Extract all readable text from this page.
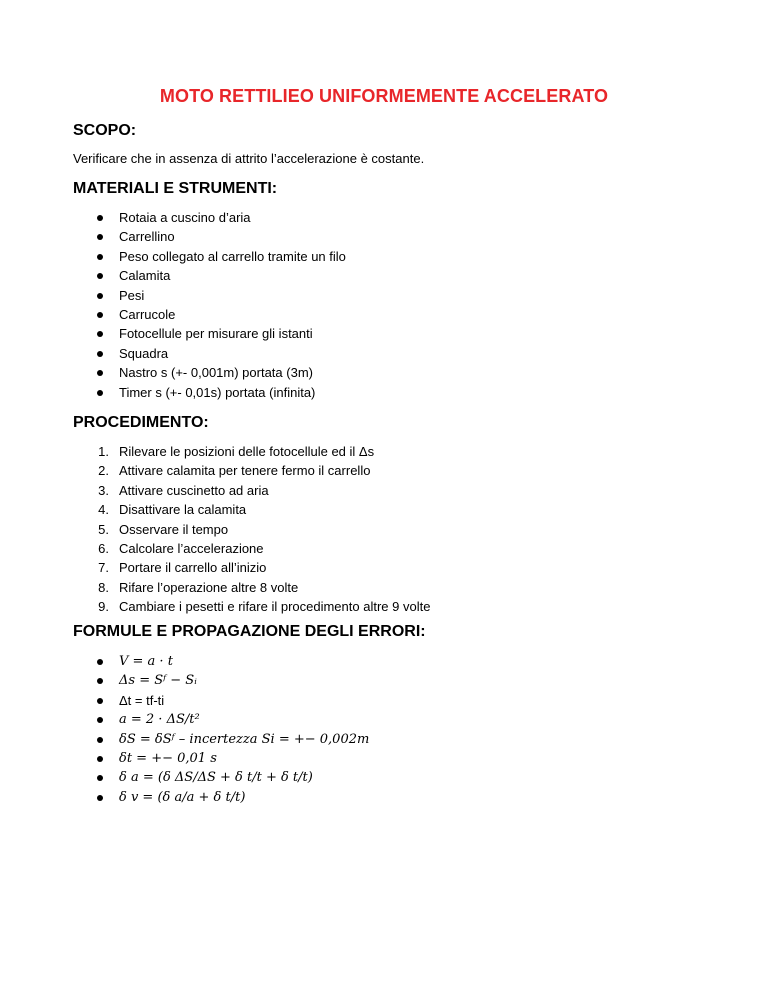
MOTO RETTILIEO UNIFORMEMENTE ACCELERATO
SCOPO:

Verificare che in assenza di attrito l’accelerazione è costante.

MATERIALI E STRUMENTI:
Rotaia a cuscino d’aria
Carrellino
Peso collegato al carrello tramite un filo
Calamita
Pesi
Carrucole
Fotocellule per misurare gli istanti
Squadra
Nastro s (+- 0,001m) portata (3m)
Timer s (+- 0,01s) portata (infinita)
PROCEDIMENTO:
1. Rilevare le posizioni delle fotocellule ed il Δs
2. Attivare calamita per tenere fermo il carrello
3. Attivare cuscinetto ad aria
4. Disattivare la calamita
5. Osservare il tempo
6. Calcolare l’accelerazione
7. Portare il carrello all’inizio
8. Rifare l’operazione altre 8 volte
9. Cambiare i pesetti e rifare il procedimento altre 9 volte
FORMULE E PROPAGAZIONE DEGLI ERRORI:
V = a · t
Δs = Sᶠ − Sᵢ
Δt = tf-ti
a = 2 · ΔS/t²
δS = δSᶠ – incertezza Si = +− 0,002m
δt = +− 0,01 s
δ a = (δ ΔS/ΔS + δ t/t + δ t/t)
δ v = (δ a/a + δ t/t)
